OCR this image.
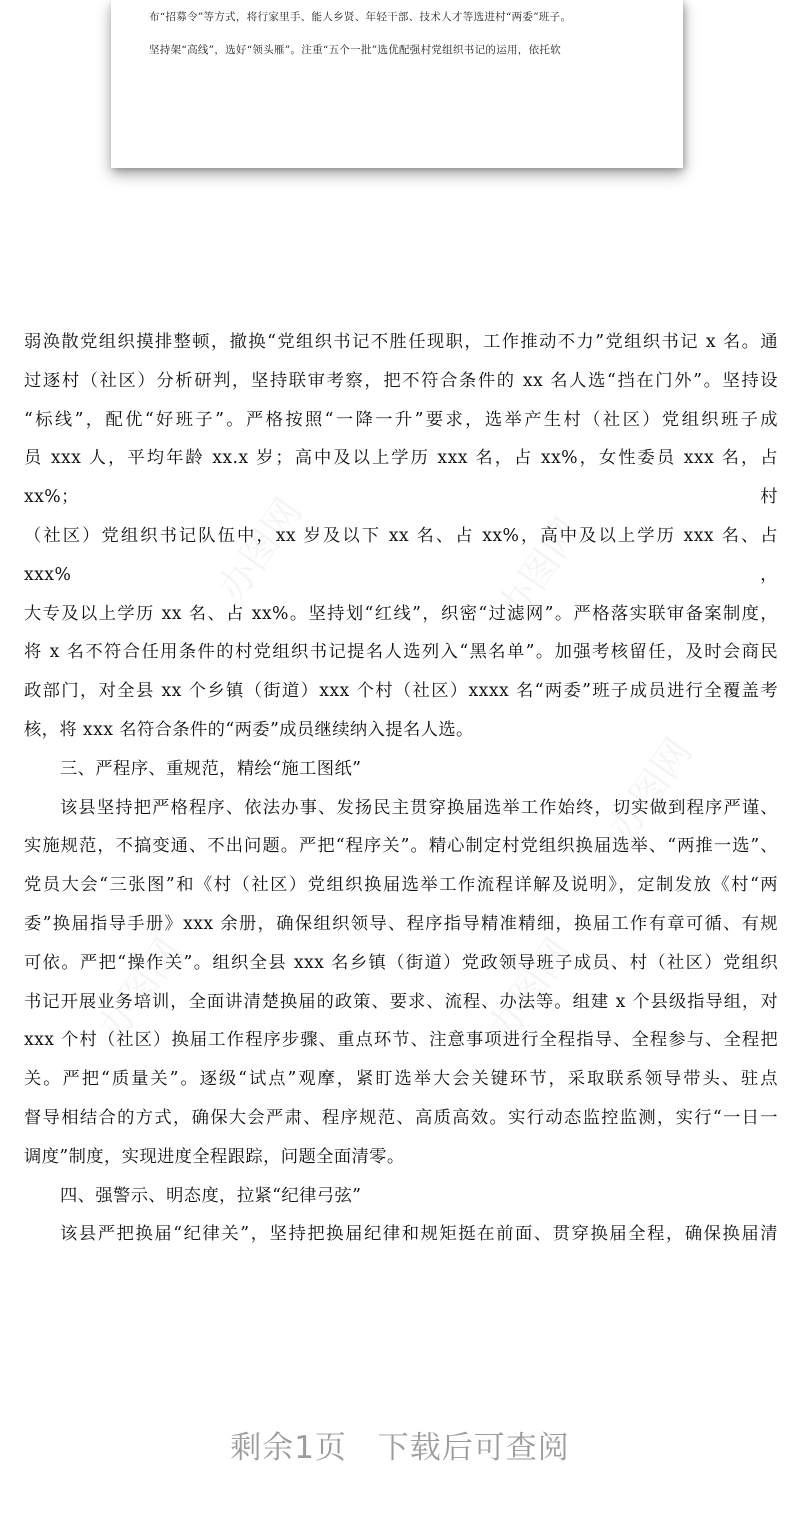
布“招募令”等方式，将行家里手、能人乡贤、年轻干部、技术人才等选进村“两委”班子。
坚持架“高线”，选好“领头雁”。注重“五个一批”选优配强村党组织书记的运用，依托软

弱涣散党组织摸排整顿，撤换“党组织书记不胜任现职，工作推动不力”党组织书记 x 名。通

过逐村（社区）分析研判，坚持联审考察，把不符合条件的 xx 名人选“挡在门外”。坚持设

“标线”，配优“好班子”。严格按照“一降一升”要求，选举产生村（社区）党组织班子成

员 xxx 人，平均年龄 xx.x 岁；高中及以上学历 xxx 名，占 xx%，女性委员 xxx 名，占 xx%；村

（社区）党组织书记队伍中，xx 岁及以下 xx 名、占 xx%，高中及以上学历 xxx 名、占 xxx%，

大专及以上学历 xx 名、占 xx%。坚持划“红线”，织密“过滤网”。严格落实联审备案制度，

将 x 名不符合任用条件的村党组织书记提名人选列入“黑名单”。加强考核留任，及时会商民

政部门，对全县 xx 个乡镇（街道）xxx 个村（社区）xxxx 名“两委”班子成员进行全覆盖考

核，将 xxx 名符合条件的“两委”成员继续纳入提名人选。

三、严程序、重规范，精绘“施工图纸”

该县坚持把严格程序、依法办事、发扬民主贯穿换届选举工作始终，切实做到程序严谨、

实施规范，不搞变通、不出问题。严把“程序关”。精心制定村党组织换届选举、“两推一选”、

党员大会“三张图”和《村（社区）党组织换届选举工作流程详解及说明》，定制发放《村“两

委”换届指导手册》xxx 余册，确保组织领导、程序指导精准精细，换届工作有章可循、有规

可依。严把“操作关”。组织全县 xxx 名乡镇（街道）党政领导班子成员、村（社区）党组织

书记开展业务培训，全面讲清楚换届的政策、要求、流程、办法等。组建 x 个县级指导组，对

xxx 个村（社区）换届工作程序步骤、重点环节、注意事项进行全程指导、全程参与、全程把

关。严把“质量关”。逐级“试点”观摩，紧盯选举大会关键环节，采取联系领导带头、驻点

督导相结合的方式，确保大会严肃、程序规范、高质高效。实行动态监控监测，实行“一日一

调度”制度，实现进度全程跟踪，问题全面清零。

四、强警示、明态度，拉紧“纪律弓弦”

该县严把换届“纪律关”，坚持把换届纪律和规矩挺在前面、贯穿换届全程，确保换届清

剩余1页 下载后可查阅
